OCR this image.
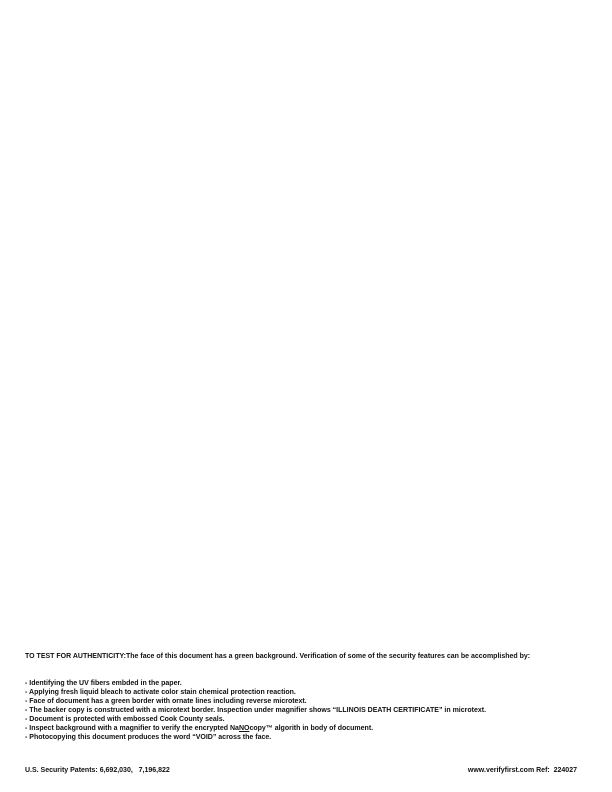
TO TEST FOR AUTHENTICITY:The face of this document has a green background. Verification of some of the security features can be accomplished by:

- Identifying the UV fibers embded in the paper.
- Applying fresh liquid bleach to activate color stain chemical protection reaction.
- Face of document has a green border with ornate lines including reverse microtext.
- The backer copy is constructed with a microtext border. Inspection under magnifier shows “ILLINOIS DEATH CERTIFICATE” in microtext.
- Document is protected with embossed Cook County seals.
- Inspect background with a magnifier to verify the encrypted NaNOcopy™ algorith in body of document.
- Photocopying this document produces the word “VOID” across the face.

U.S. Security Patents: 6,692,030,   7,196,822	www.verifyfirst.com Ref:  224027
